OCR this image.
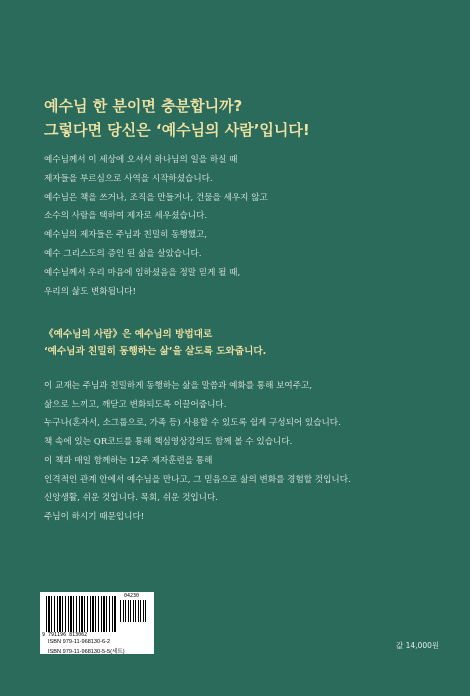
예수님 한 분이면 충분합니까?
그렇다면 당신은 ‘예수님의 사람’입니다!
예수님께서 이 세상에 오셔서 하나님의 일을 하실 때
제자들을 부르심으로 사역을 시작하셨습니다.
예수님은 책을 쓰거나, 조직을 만들거나, 건물을 세우지 않고
소수의 사람을 택하여 제자로 세우셨습니다.
예수님의 제자들은 주님과 친밀히 동행했고,
예수 그리스도의 증인 된 삶을 살았습니다.
예수님께서 우리 마음에 임하셨음을 정말 믿게 될 때,
우리의 삶도 변화됩니다!
《예수님의 사람》은 예수님의 방법대로
‘예수님과 친밀히 동행하는 삶’을 살도록 도와줍니다.
이 교재는 주님과 친밀하게 동행하는 삶을 말씀과 예화를 통해 보여주고,
삶으로 느끼고, 깨닫고 변화되도록 이끌어줍니다.
누구나(혼자서, 소그룹으로, 가족 등) 사용할 수 있도록 쉽게 구성되어 있습니다.
책 속에 있는 QR코드를 통해 핵심영상강의도 함께 볼 수 있습니다.
이 책과 매일 함께하는 12주 제자훈련을 통해
인격적인 관계 안에서 예수님을 만나고, 그 믿음으로 삶의 변화를 경험할 것입니다.
신앙생활, 쉬운 것입니다. 목회, 쉬운 것입니다.
주님이 하시기 때문입니다!
9 791196 813062
04230
ISBN 979-11-968130-6-2
ISBN 979-11-968130-5-5(세트)
값 14,000원
